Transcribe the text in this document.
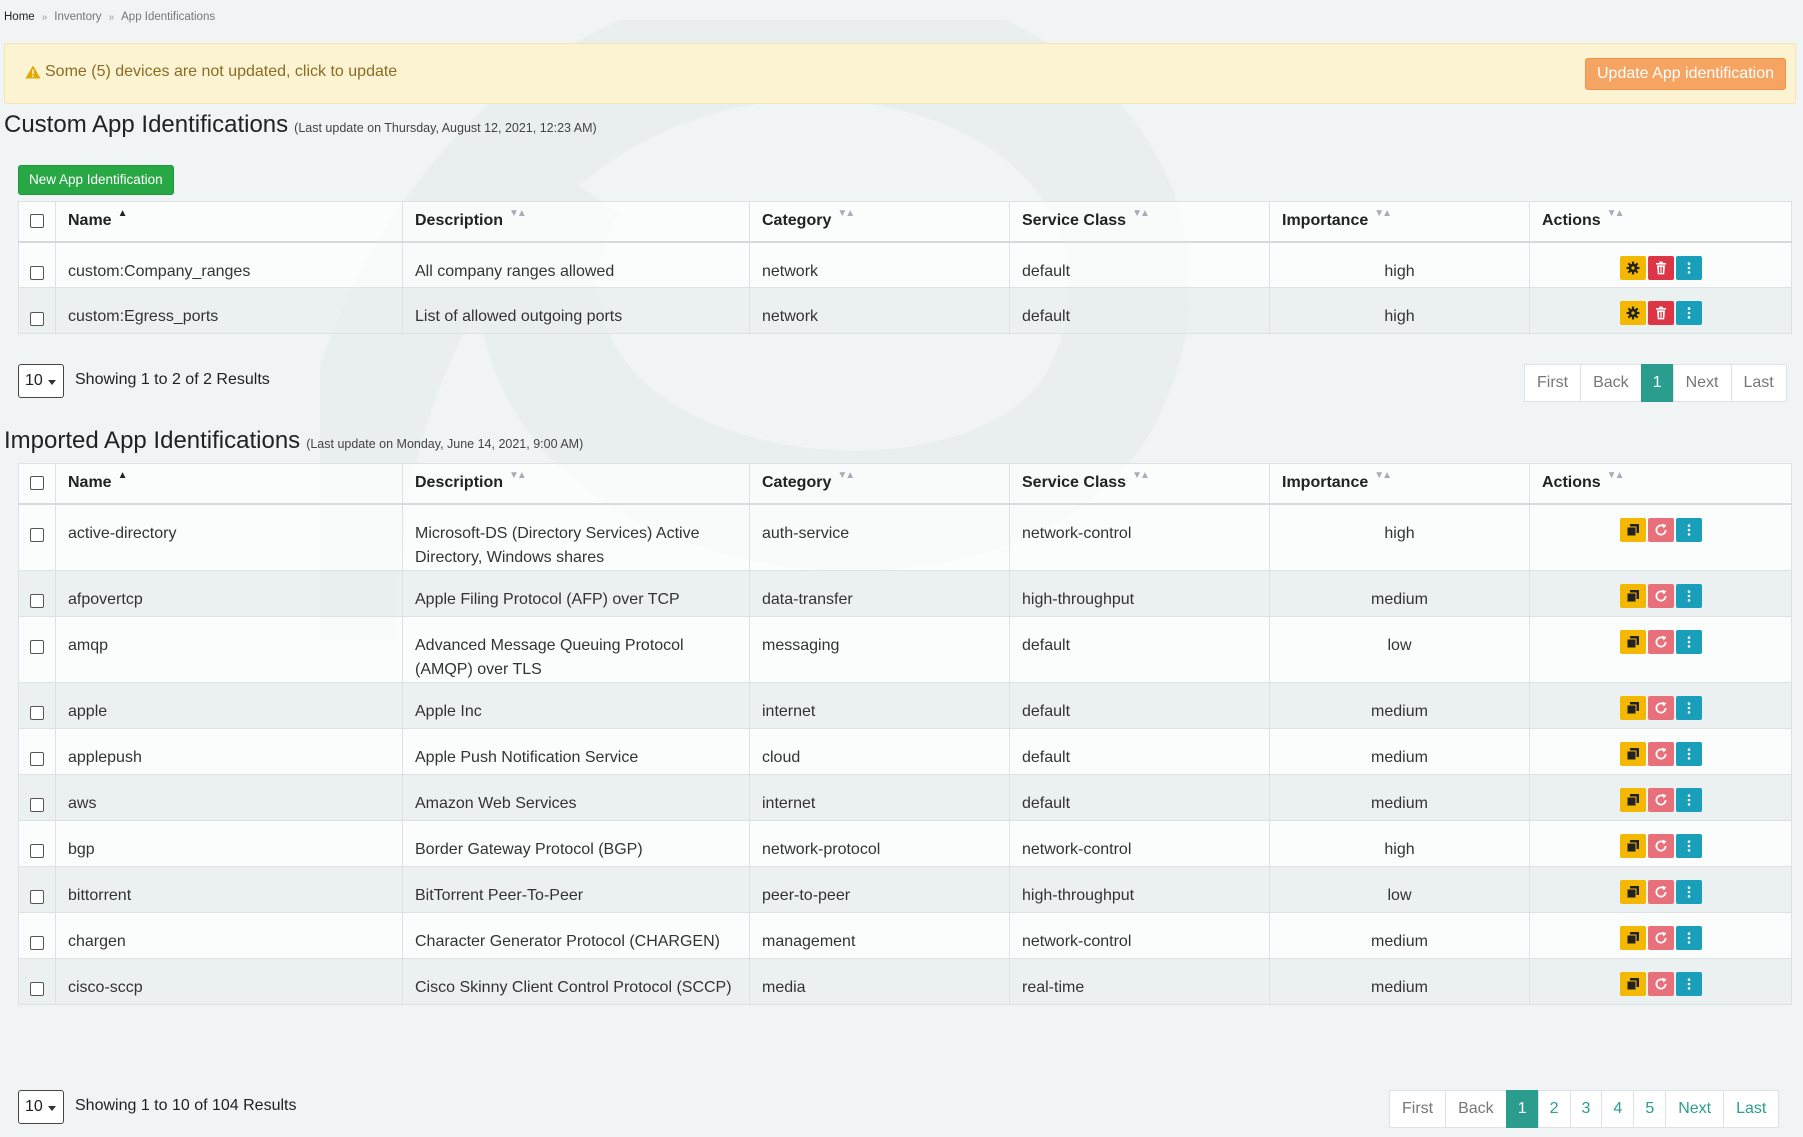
Home » Inventory » App Identifications
Some (5) devices are not updated, click to update	Update App identification
Custom App Identifications (Last update on Thursday, August 12, 2021, 12:23 AM)
New App Identification
	Name ▲	Description ▼▲	Category ▼▲	Service Class ▼▲	Importance ▼▲	Actions ▼▲
	custom:Company_ranges	All company ranges allowed	network	default	high	

	custom:Egress_ports	List of allowed outgoing ports	network	default	high	
10	Showing 1 to 2 of 2 Results	First	Back	1	Next	Last
Imported App Identifications (Last update on Monday, June 14, 2021, 9:00 AM)
	Name ▲	Description ▼▲	Category ▼▲	Service Class ▼▲	Importance ▼▲	Actions ▼▲
	active-directory	Microsoft-DS (Directory Services) Active Directory, Windows shares	auth-service	network-control	high	

	afpovertcp	Apple Filing Protocol (AFP) over TCP	data-transfer	high-throughput	medium	

	amqp	Advanced Message Queuing Protocol (AMQP) over TLS	messaging	default	low	

	apple	Apple Inc	internet	default	medium	

	applepush	Apple Push Notification Service	cloud	default	medium	

	aws	Amazon Web Services	internet	default	medium	

	bgp	Border Gateway Protocol (BGP)	network-protocol	network-control	high	

	bittorrent	BitTorrent Peer-To-Peer	peer-to-peer	high-throughput	low	

	chargen	Character Generator Protocol (CHARGEN)	management	network-control	medium	

	cisco-sccp	Cisco Skinny Client Control Protocol (SCCP)	media	real-time	medium	
10	Showing 1 to 10 of 104 Results	First	Back	1	2	3	4	5	Next	Last
